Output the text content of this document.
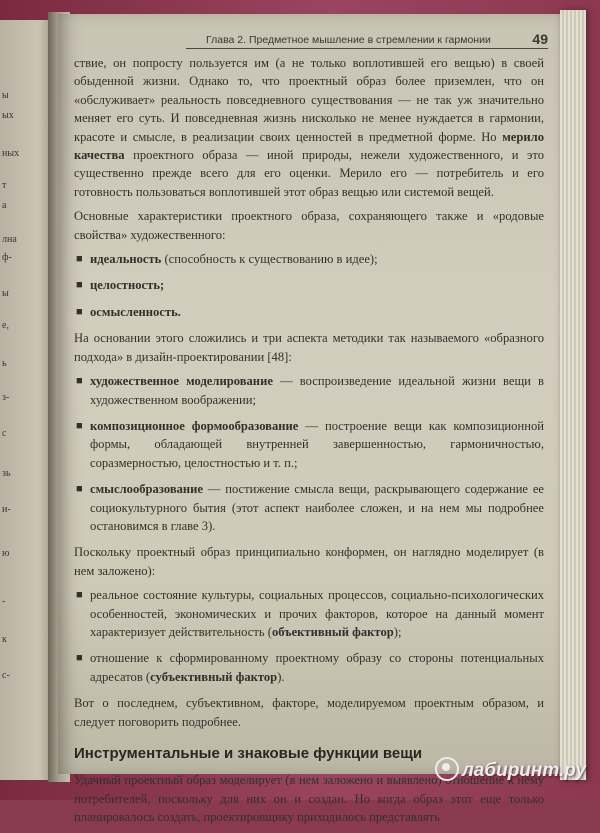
ы
ых
ных
т
а
лна
ф-
ы
е,
ь
з-
с
зь
и-
ю
-
к
с-
Глава 2. Предметное мышление в стремлении к гармонии	49

ствие, он попросту пользуется им (а не только воплотившей его вещью) в своей обыденной жизни. Однако то, что проектный образ более приземлен, что он «обслуживает» реальность повседневного существования — не так уж значительно меняет его суть. И повседневная жизнь нисколько не менее нуждается в гармонии, красоте и смысле, в реализации своих ценностей в предметной форме. Но мерило качества проектного образа — иной природы, нежели художественного, и это существенно прежде всего для его оценки. Мерило его — потребитель и его готовность пользоваться воплотившей этот образ вещью или системой вещей.

Основные характеристики проектного образа, сохраняющего также и «родовые свойства» художественного:

■ идеальность (способность к существованию в идее);
■ целостность;
■ осмысленность.

На основании этого сложились и три аспекта методики так называемого «образного подхода» в дизайн-проектировании [48]:

■ художественное моделирование — воспроизведение идеальной жизни вещи в художественном воображении;
■ композиционное формообразование — построение вещи как композиционной формы, обладающей внутренней завершенностью, гармоничностью, соразмерностью, целостностью и т. п.;
■ смыслообразование — постижение смысла вещи, раскрывающего содержание ее социокультурного бытия (этот аспект наиболее сложен, и на нем мы подробнее остановимся в главе 3).

Поскольку проектный образ принципиально конформен, он наглядно моделирует (в нем заложено):

■ реальное состояние культуры, социальных процессов, социально-психологических особенностей, экономических и прочих факторов, которое на данный момент характеризует действительность (объективный фактор);
■ отношение к сформированному проектному образу со стороны потенциальных адресатов (субъективный фактор).

Вот о последнем, субъективном, факторе, моделируемом проектным образом, и следует поговорить подробнее.

Инструментальные и знаковые функции вещи

Удачный проектный образ моделирует (в нем заложено и выявлено) отношение к нему потребителей, поскольку для них он и создан. Но когда образ этот еще только планировалось создать, проектировщику приходилось представлять

лабиринт.ру
